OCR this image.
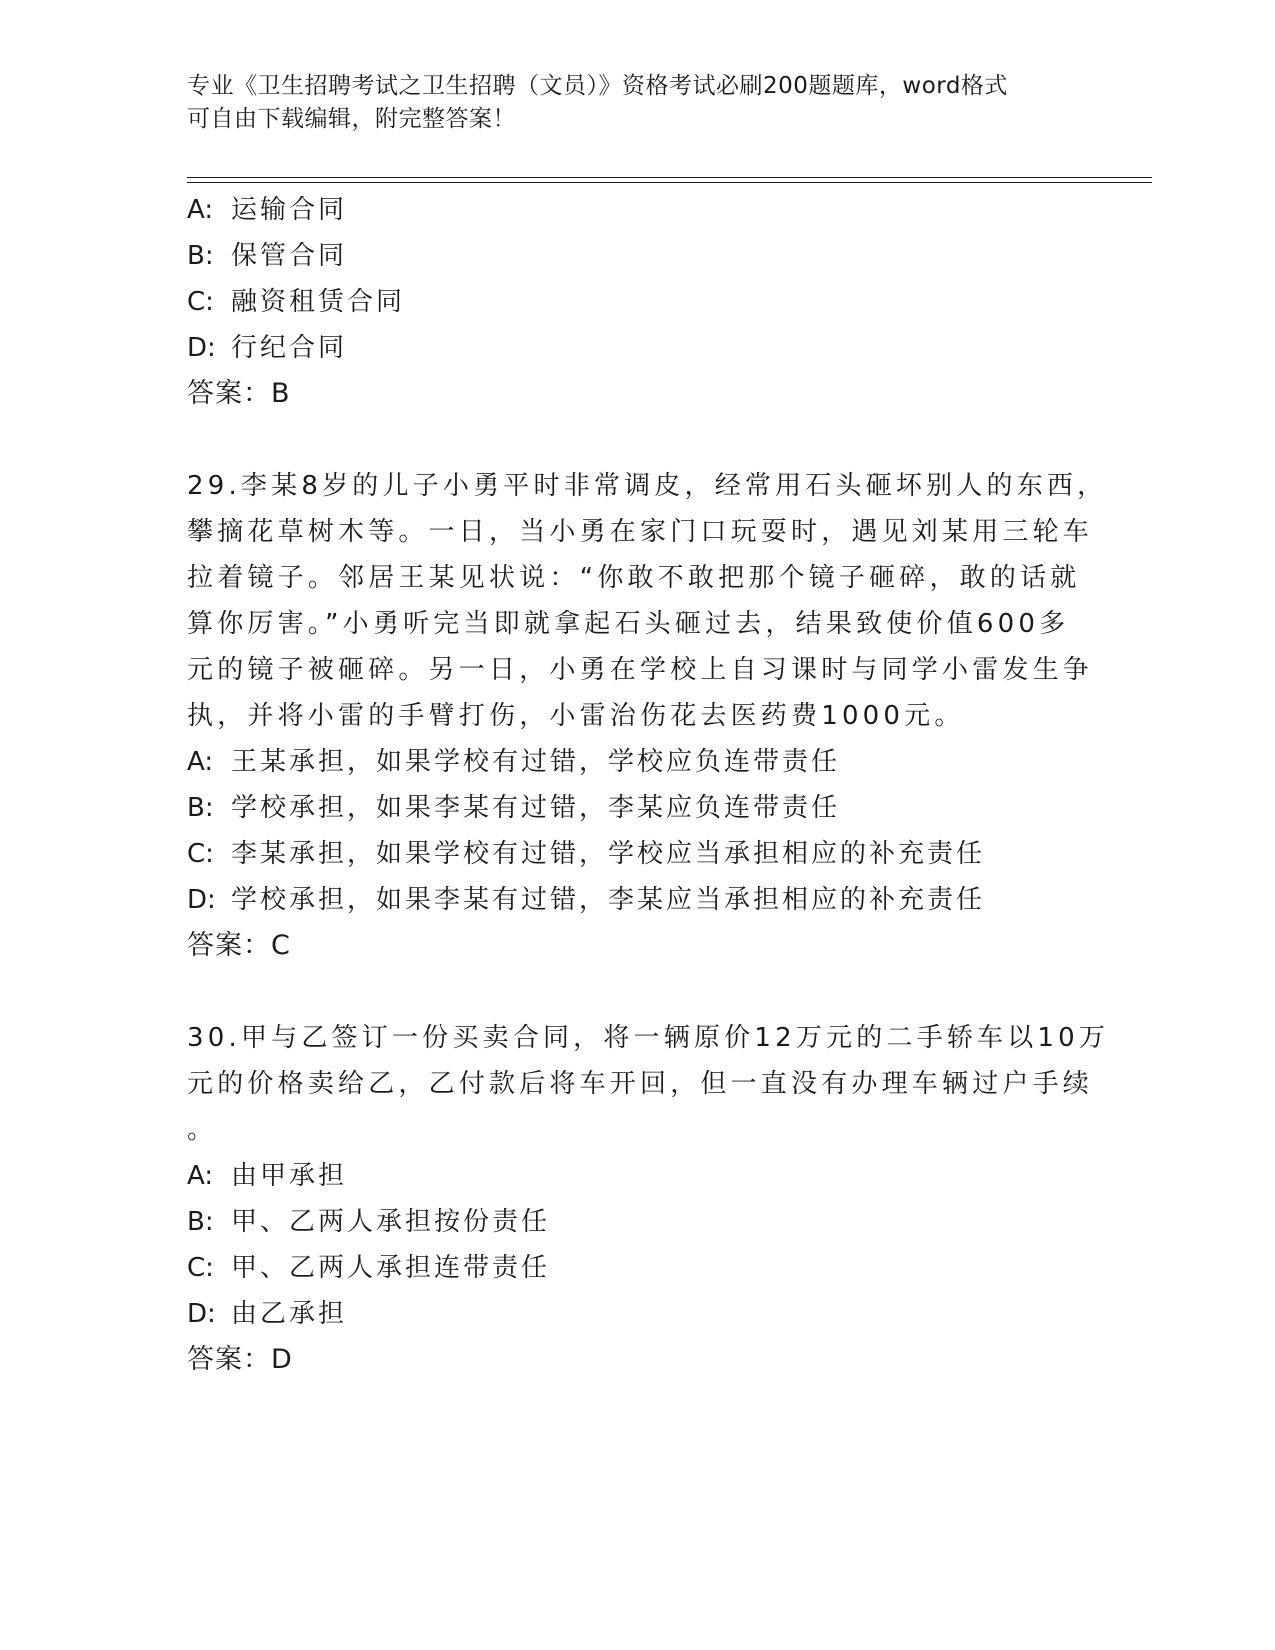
专业《卫生招聘考试之卫生招聘（文员）》资格考试必刷200题题库，word格式
可自由下载编辑，附完整答案！
A: 运输合同
B: 保管合同
C: 融资租赁合同
D: 行纪合同
答案：B
29.李某8岁的儿子小勇平时非常调皮，经常用石头砸坏别人的东西，
攀摘花草树木等。一日，当小勇在家门口玩耍时，遇见刘某用三轮车
拉着镜子。邻居王某见状说：“你敢不敢把那个镜子砸碎，敢的话就
算你厉害。”小勇听完当即就拿起石头砸过去，结果致使价值600多
元的镜子被砸碎。另一日，小勇在学校上自习课时与同学小雷发生争
执，并将小雷的手臂打伤，小雷治伤花去医药费1000元。
A: 王某承担，如果学校有过错，学校应负连带责任
B: 学校承担，如果李某有过错，李某应负连带责任
C: 李某承担，如果学校有过错，学校应当承担相应的补充责任
D: 学校承担，如果李某有过错，李某应当承担相应的补充责任
答案：C
30.甲与乙签订一份买卖合同，将一辆原价12万元的二手轿车以10万
元的价格卖给乙，乙付款后将车开回，但一直没有办理车辆过户手续
。
A: 由甲承担
B: 甲、乙两人承担按份责任
C: 甲、乙两人承担连带责任
D: 由乙承担
答案：D
